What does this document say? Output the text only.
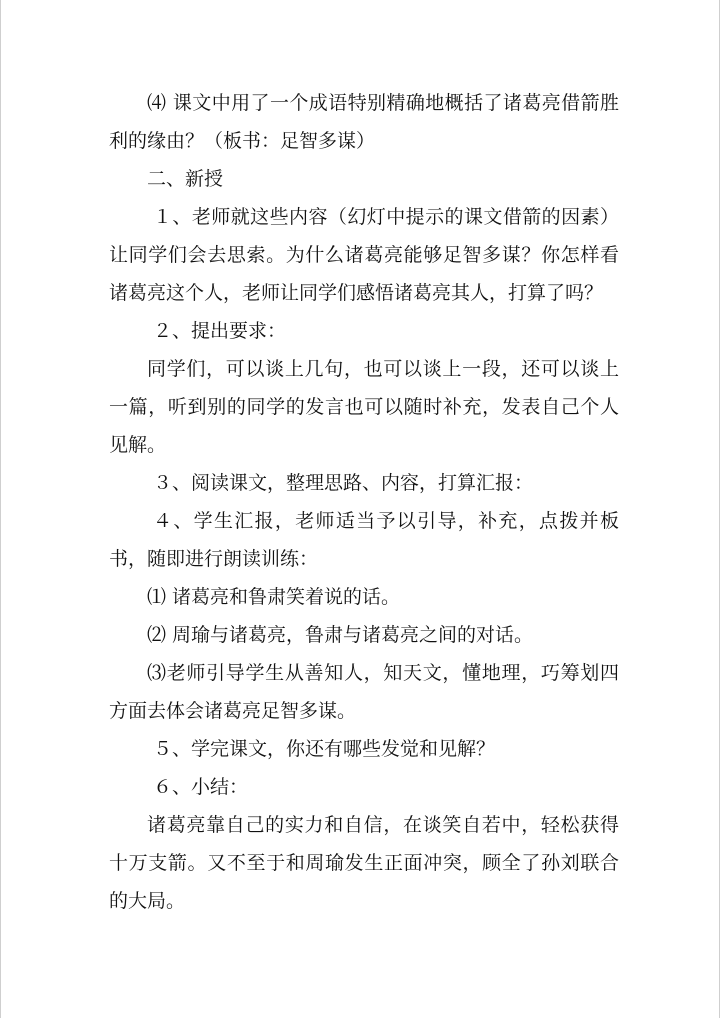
⑷ 课文中用了一个成语特别精确地概括了诸葛亮借箭胜利的缘由？（板书：足智多谋）

二、新授

１、老师就这些内容（幻灯中提示的课文借箭的因素）让同学们会去思索。为什么诸葛亮能够足智多谋？你怎样看诸葛亮这个人，老师让同学们感悟诸葛亮其人，打算了吗？

２、提出要求：

同学们，可以谈上几句，也可以谈上一段，还可以谈上一篇，听到别的同学的发言也可以随时补充，发表自己个人见解。

３、阅读课文，整理思路、内容，打算汇报：

４、学生汇报，老师适当予以引导，补充，点拨并板书，随即进行朗读训练：

⑴ 诸葛亮和鲁肃笑着说的话。

⑵ 周瑜与诸葛亮，鲁肃与诸葛亮之间的对话。

⑶老师引导学生从善知人，知天文，懂地理，巧筹划四方面去体会诸葛亮足智多谋。

５、学完课文，你还有哪些发觉和见解？

６、小结：

诸葛亮靠自己的实力和自信，在谈笑自若中，轻松获得十万支箭。又不至于和周瑜发生正面冲突，顾全了孙刘联合的大局。
